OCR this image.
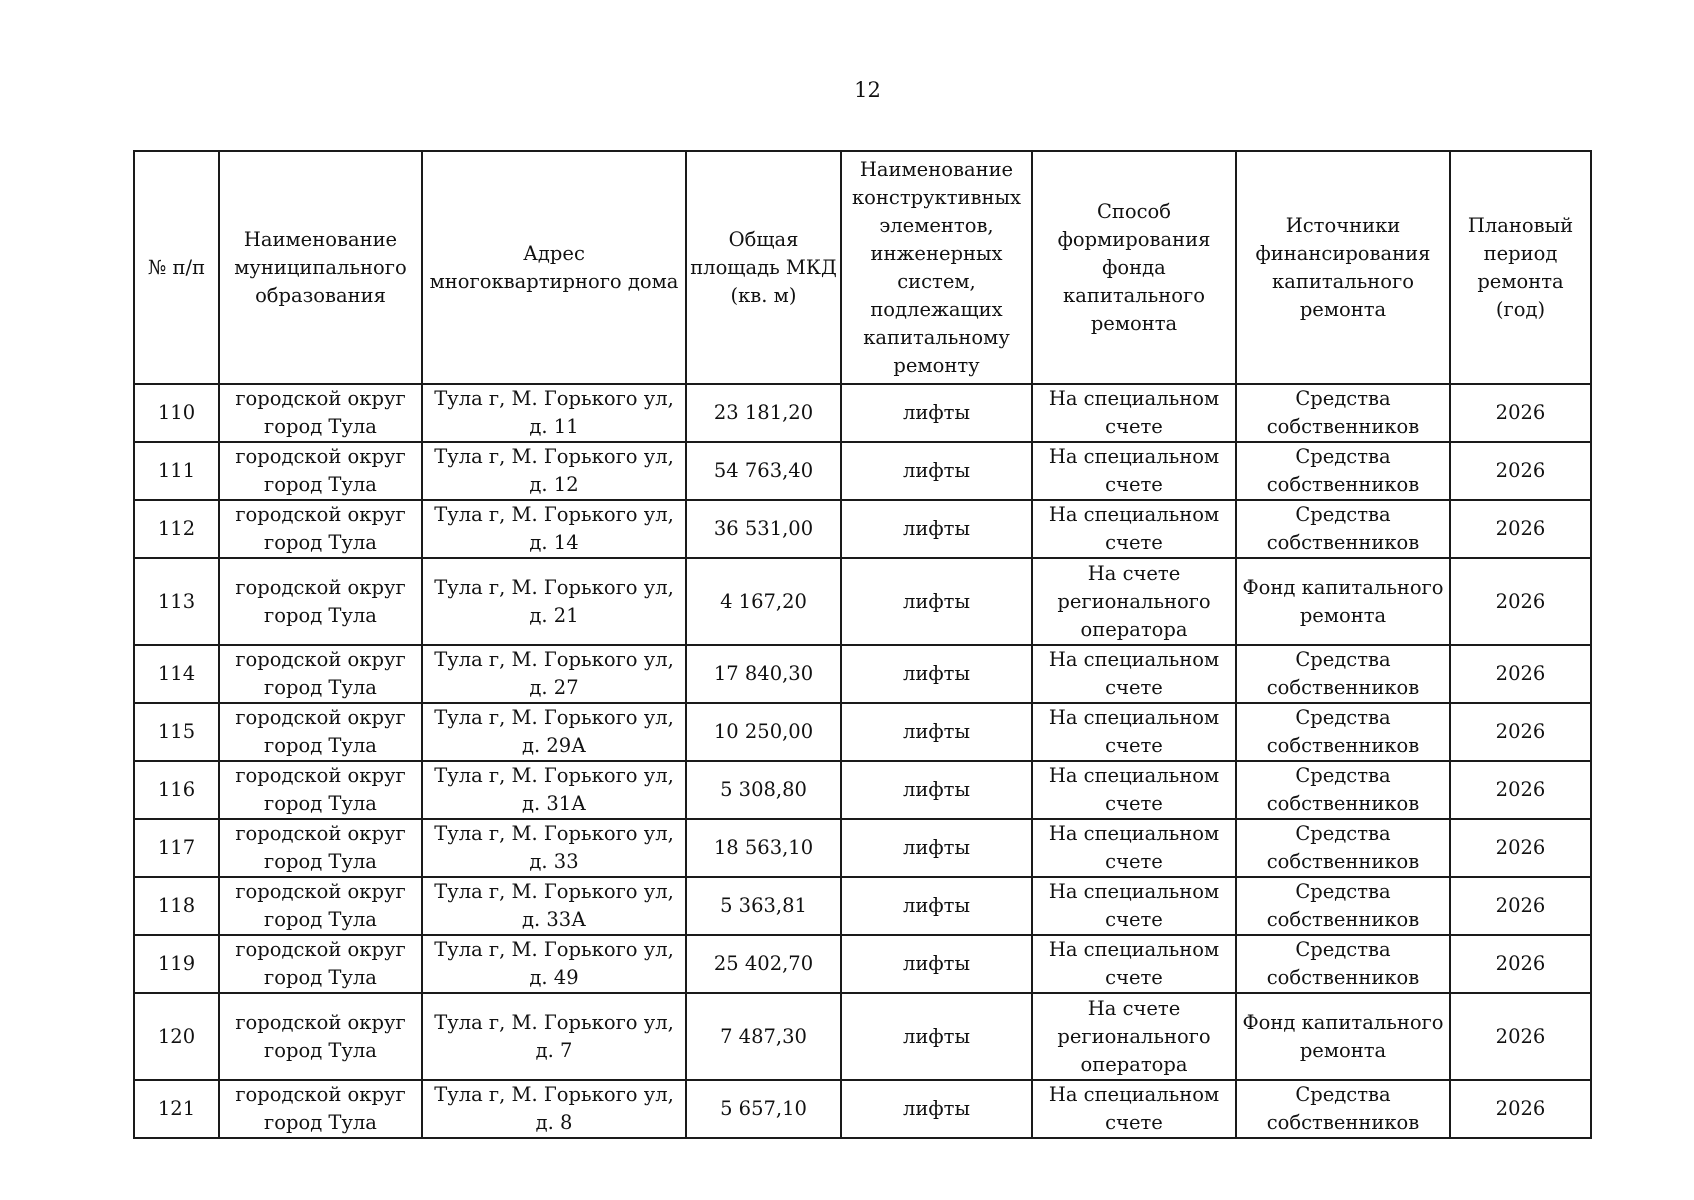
12
№ п/п	Наименование муниципального образования	Адрес многоквартирного дома	Общая площадь МКД (кв. м)	Наименование конструктивных элементов, инженерных систем, подлежащих капитальному ремонту	Способ формирования фонда капитального ремонта	Источники финансирования капитального ремонта	Плановый период ремонта (год)
110	городской округ город Тула	Тула г, М. Горького ул, д. 11	23 181,20	лифты	На специальном счете	Средства собственников	2026
111	городской округ город Тула	Тула г, М. Горького ул, д. 12	54 763,40	лифты	На специальном счете	Средства собственников	2026
112	городской округ город Тула	Тула г, М. Горького ул, д. 14	36 531,00	лифты	На специальном счете	Средства собственников	2026
113	городской округ город Тула	Тула г, М. Горького ул, д. 21	4 167,20	лифты	На счете регионального оператора	Фонд капитального ремонта	2026
114	городской округ город Тула	Тула г, М. Горького ул, д. 27	17 840,30	лифты	На специальном счете	Средства собственников	2026
115	городской округ город Тула	Тула г, М. Горького ул, д. 29А	10 250,00	лифты	На специальном счете	Средства собственников	2026
116	городской округ город Тула	Тула г, М. Горького ул, д. 31А	5 308,80	лифты	На специальном счете	Средства собственников	2026
117	городской округ город Тула	Тула г, М. Горького ул, д. 33	18 563,10	лифты	На специальном счете	Средства собственников	2026
118	городской округ город Тула	Тула г, М. Горького ул, д. 33А	5 363,81	лифты	На специальном счете	Средства собственников	2026
119	городской округ город Тула	Тула г, М. Горького ул, д. 49	25 402,70	лифты	На специальном счете	Средства собственников	2026
120	городской округ город Тула	Тула г, М. Горького ул, д. 7	7 487,30	лифты	На счете регионального оператора	Фонд капитального ремонта	2026
121	городской округ город Тула	Тула г, М. Горького ул, д. 8	5 657,10	лифты	На специальном счете	Средства собственников	2026
